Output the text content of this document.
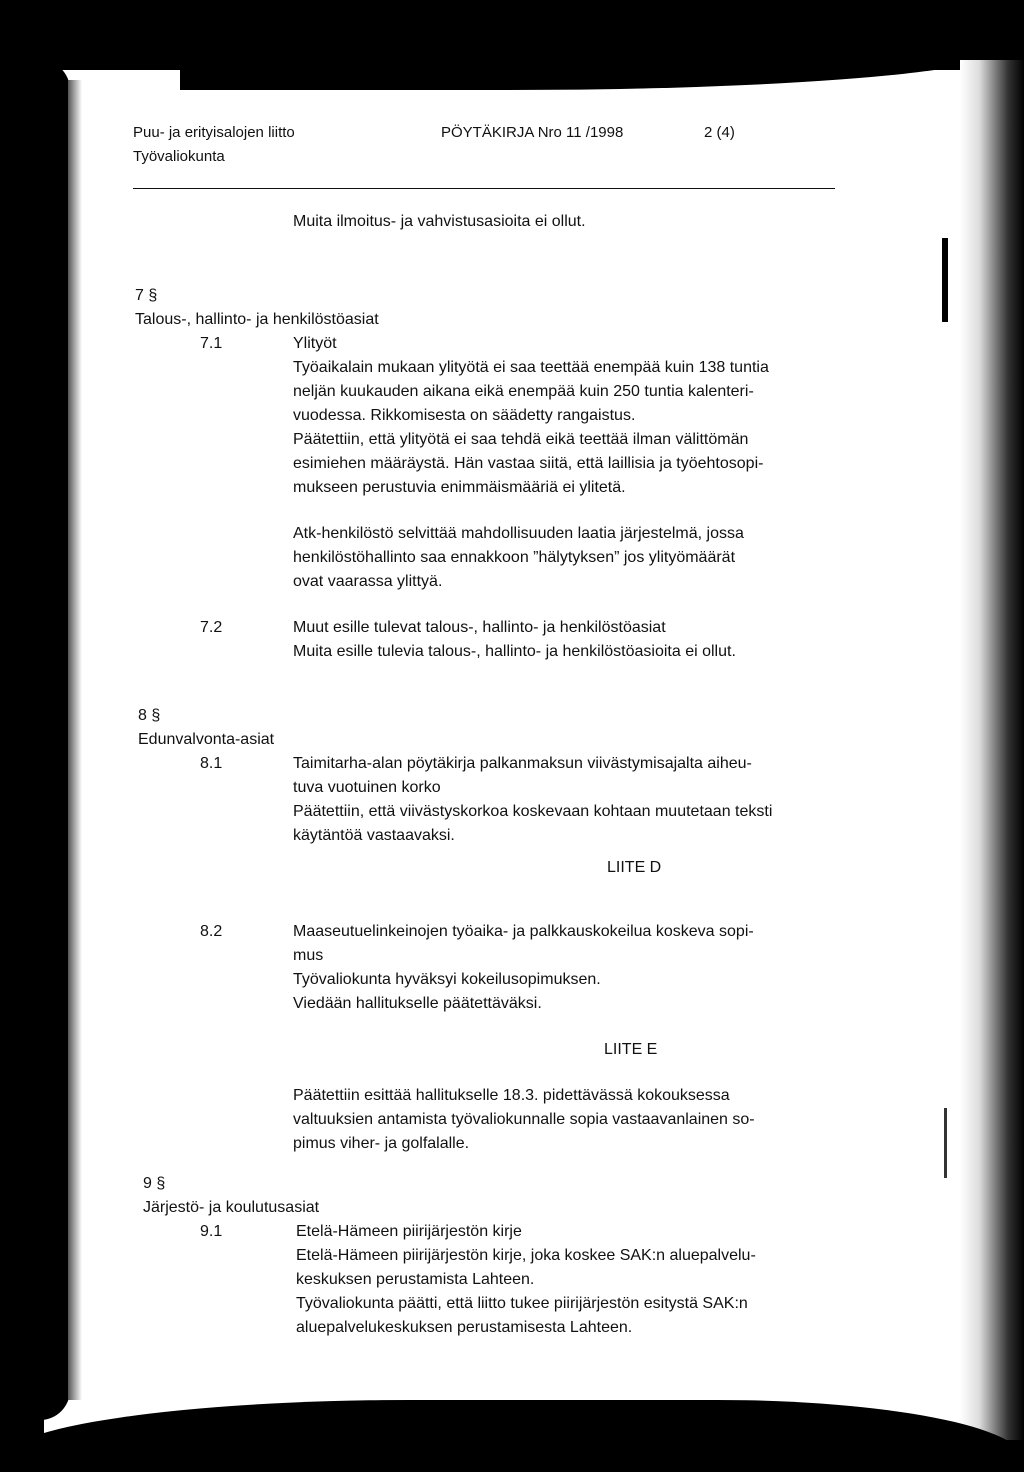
Puu- ja erityisalojen liitto
Työvaliokunta
PÖYTÄKIRJA Nro 11 /1998	2 (4)
Muita ilmoitus- ja vahvistusasioita ei ollut.
7 §
Talous-, hallinto- ja henkilöstöasiat
7.1	Ylityöt
Työaikalain mukaan ylityötä ei saa teettää enempää kuin 138 tuntia
neljän kuukauden aikana eikä enempää kuin 250 tuntia kalenteri-
vuodessa. Rikkomisesta on säädetty rangaistus.
Päätettiin, että ylityötä ei saa tehdä eikä teettää ilman välittömän
esimiehen määräystä. Hän vastaa siitä, että laillisia ja työehtosopi-
mukseen perustuvia enimmäismääriä ei ylitetä.
Atk-henkilöstö selvittää mahdollisuuden laatia järjestelmä, jossa
henkilöstöhallinto saa ennakkoon ”hälytyksen” jos ylityömäärät
ovat vaarassa ylittyä.
7.2	Muut esille tulevat talous-, hallinto- ja henkilöstöasiat
Muita esille tulevia talous-, hallinto- ja henkilöstöasioita ei ollut.
8 §
Edunvalvonta-asiat
8.1	Taimitarha-alan pöytäkirja palkanmaksun viivästymisajalta aiheu-
tuva vuotuinen korko
Päätettiin, että viivästyskorkoa koskevaan kohtaan muutetaan teksti
käytäntöä vastaavaksi.
LIITE D
8.2	Maaseutuelinkeinojen työaika- ja palkkauskokeilua koskeva sopi-
mus
Työvaliokunta hyväksyi kokeilusopimuksen.
Viedään hallitukselle päätettäväksi.
LIITE E
Päätettiin esittää hallitukselle 18.3. pidettävässä kokouksessa
valtuuksien antamista työvaliokunnalle sopia vastaavanlainen so-
pimus viher- ja golfalalle.
9 §
Järjestö- ja koulutusasiat
9.1	Etelä-Hämeen piirijärjestön kirje
Etelä-Hämeen piirijärjestön kirje, joka koskee SAK:n aluepalvelu-
keskuksen perustamista Lahteen.
Työvaliokunta päätti, että liitto tukee piirijärjestön esitystä SAK:n
aluepalvelukeskuksen perustamisesta Lahteen.
